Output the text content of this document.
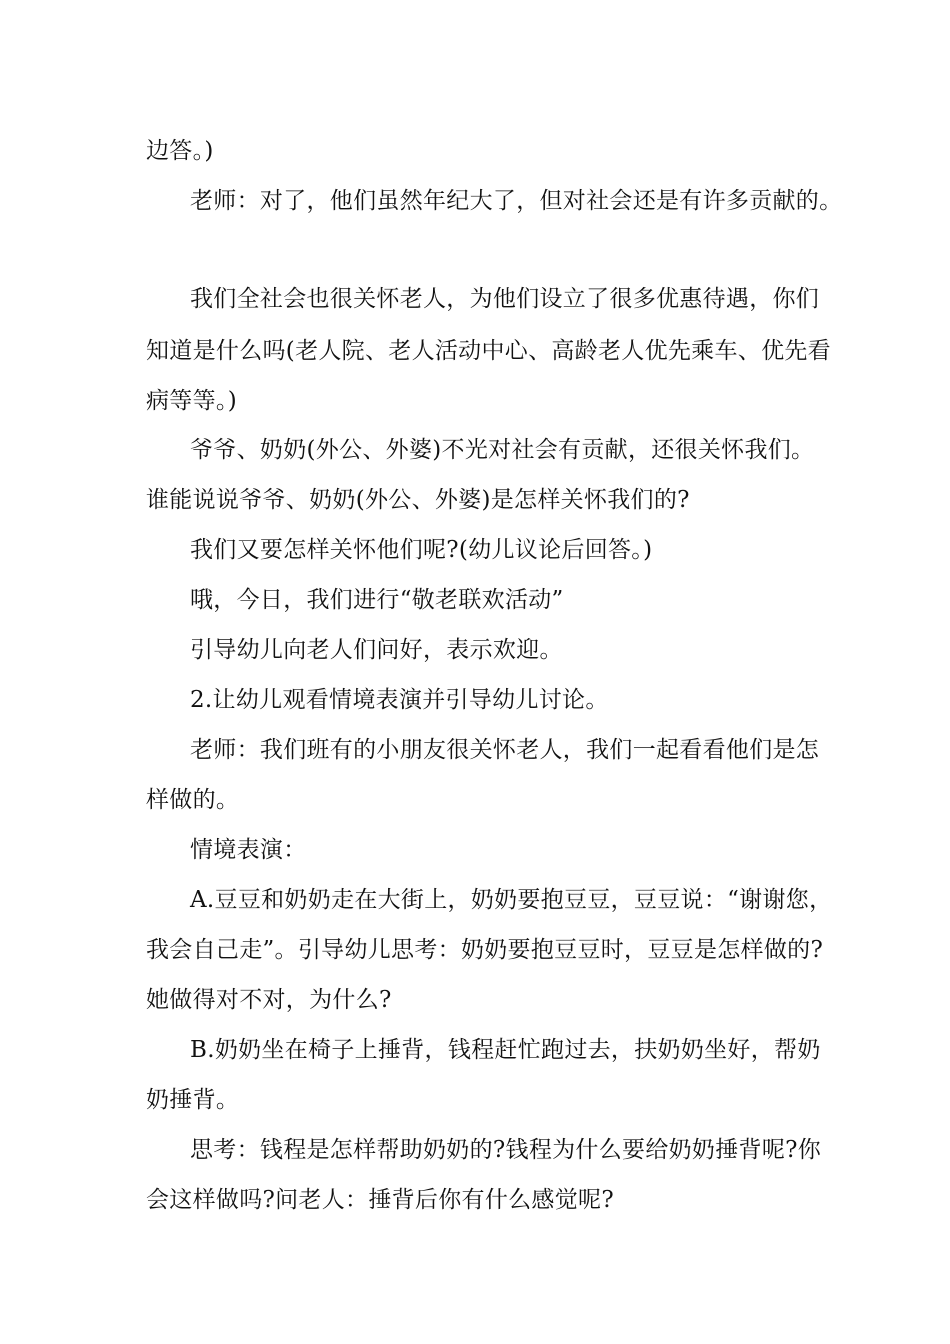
边答。)
老师：对了，他们虽然年纪大了，但对社会还是有许多贡献的。
我们全社会也很关怀老人，为他们设立了很多优惠待遇，你们
知道是什么吗(老人院、老人活动中心、高龄老人优先乘车、优先看
病等等。)
爷爷、奶奶(外公、外婆)不光对社会有贡献，还很关怀我们。
谁能说说爷爷、奶奶(外公、外婆)是怎样关怀我们的?
我们又要怎样关怀他们呢?(幼儿议论后回答。)
哦，今日，我们进行“敬老联欢活动”
引导幼儿向老人们问好，表示欢迎。
2.让幼儿观看情境表演并引导幼儿讨论。
老师：我们班有的小朋友很关怀老人，我们一起看看他们是怎
样做的。
情境表演：
A.豆豆和奶奶走在大街上，奶奶要抱豆豆，豆豆说：“谢谢您，
我会自己走”。引导幼儿思考：奶奶要抱豆豆时，豆豆是怎样做的?
她做得对不对，为什么?
B.奶奶坐在椅子上捶背，钱程赶忙跑过去，扶奶奶坐好，帮奶
奶捶背。
思考：钱程是怎样帮助奶奶的?钱程为什么要给奶奶捶背呢?你
会这样做吗?问老人：捶背后你有什么感觉呢?
